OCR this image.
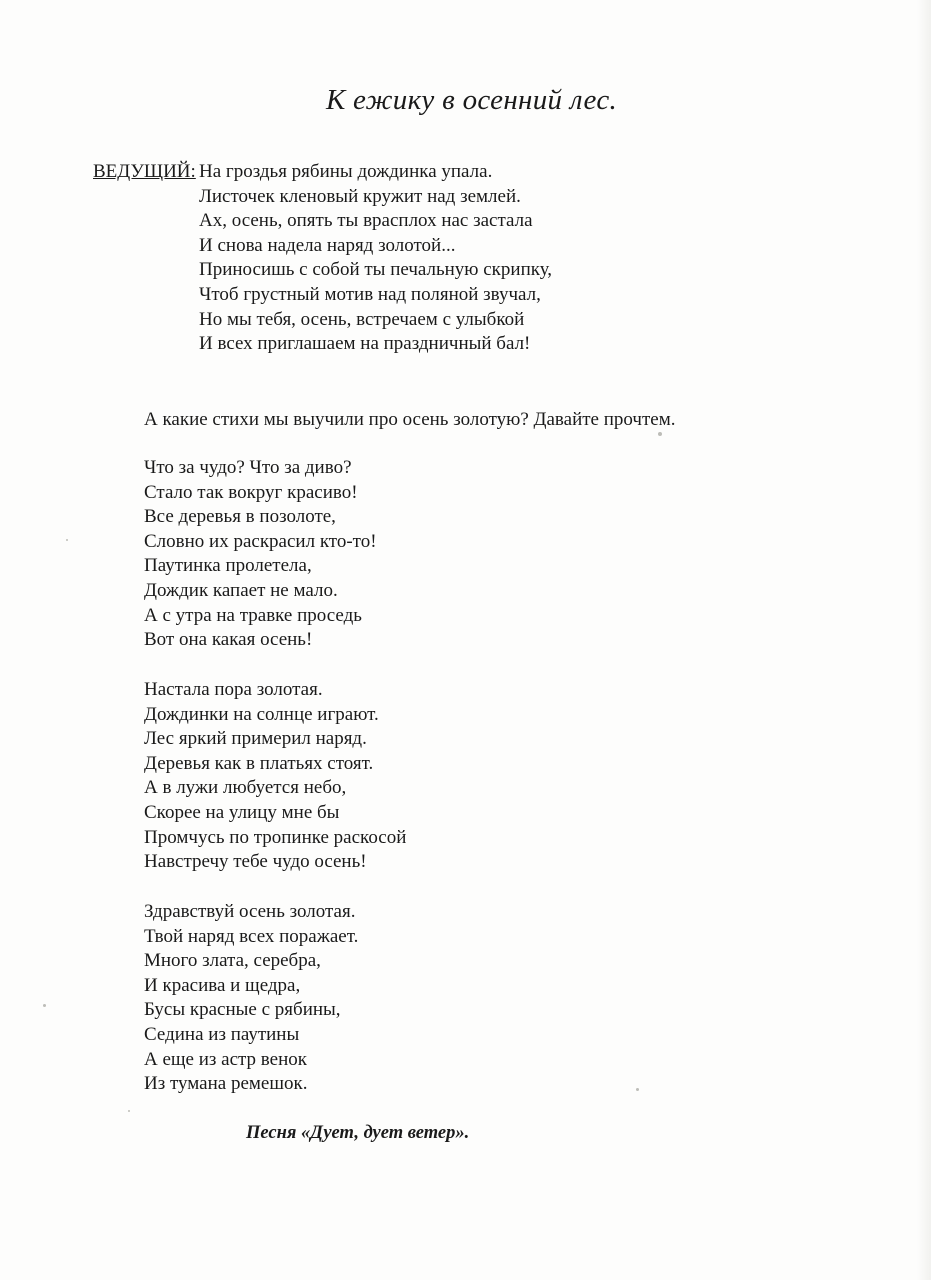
К ежику в осенний лес.
ВЕДУЩИЙ: На гроздья рябины дождинка упала.
Листочек кленовый кружит над землей.
Ах, осень, опять ты врасплох нас застала
И снова надела наряд золотой...
Приносишь с собой ты печальную скрипку,
Чтоб грустный мотив над поляной звучал,
Но мы тебя, осень, встречаем с улыбкой
И всех приглашаем на праздничный бал!
А какие стихи мы выучили про осень золотую? Давайте прочтем.
Что за чудо? Что за диво?
Стало так вокруг красиво!
Все деревья в позолоте,
Словно их раскрасил кто-то!
Паутинка пролетела,
Дождик капает не мало.
А с утра на травке проседь
Вот она какая осень!
Настала пора золотая.
Дождинки на солнце играют.
Лес яркий примерил наряд.
Деревья как в платьях стоят.
А в лужи любуется небо,
Скорее на улицу мне бы
Промчусь по тропинке раскосой
Навстречу тебе чудо осень!
Здравствуй осень золотая.
Твой наряд всех поражает.
Много злата, серебра,
И красива и щедра,
Бусы красные с рябины,
Седина из паутины
А еще из астр венок
Из тумана ремешок.
Песня «Дует, дует ветер».
